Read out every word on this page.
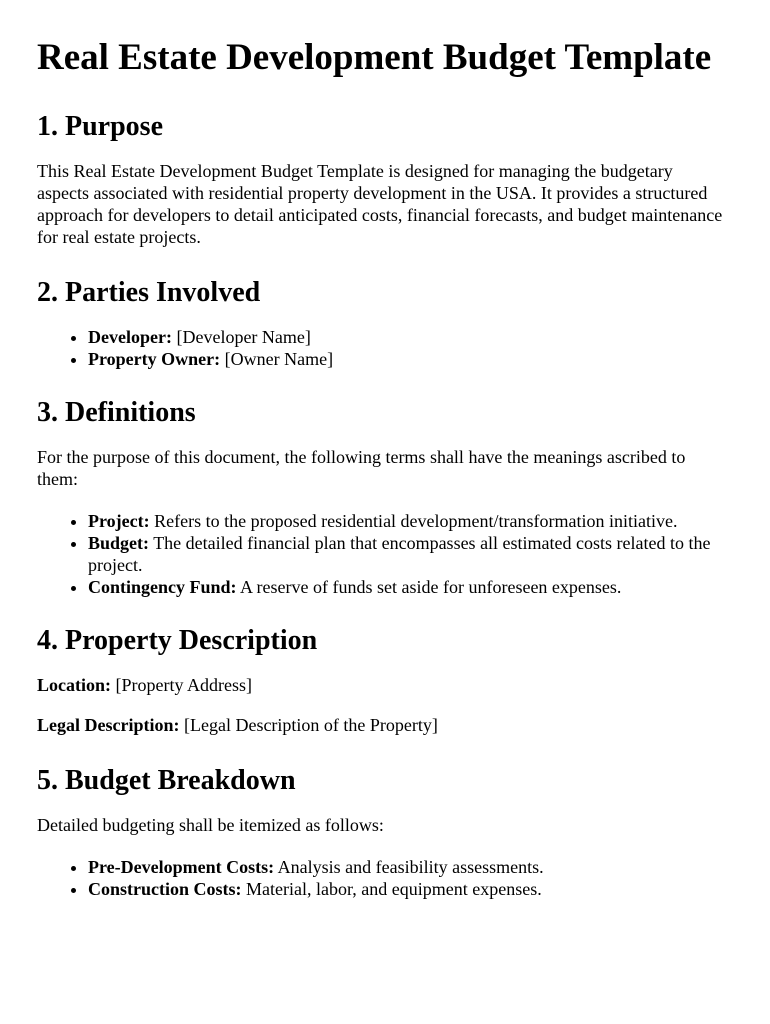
Real Estate Development Budget Template
1. Purpose

This Real Estate Development Budget Template is designed for managing the budgetary aspects associated with residential property development in the USA. It provides a structured approach for developers to detail anticipated costs, financial forecasts, and budget maintenance for real estate projects.

2. Parties Involved
• Developer: [Developer Name]
• Property Owner: [Owner Name]
3. Definitions

For the purpose of this document, the following terms shall have the meanings ascribed to them:

• Project: Refers to the proposed residential development/transformation initiative.
• Budget: The detailed financial plan that encompasses all estimated costs related to the project.
• Contingency Fund: A reserve of funds set aside for unforeseen expenses.
4. Property Description

Location: [Property Address]

Legal Description: [Legal Description of the Property]

5. Budget Breakdown

Detailed budgeting shall be itemized as follows:

• Pre-Development Costs: Analysis and feasibility assessments.
• Construction Costs: Material, labor, and equipment expenses.
